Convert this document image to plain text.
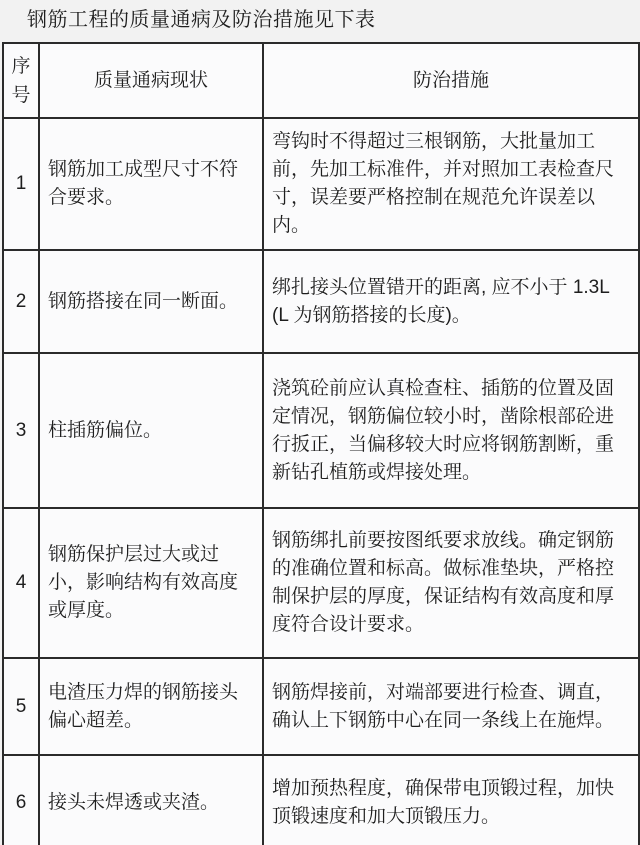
钢筋工程的质量通病及防治措施见下表
序号	质量通病现状	防治措施
1	钢筋加工成型尺寸不符合要求。	弯钩时不得超过三根钢筋，大批量加工前，先加工标准件，并对照加工表检查尺寸，误差要严格控制在规范允许误差以内。
2	钢筋搭接在同一断面。	绑扎接头位置错开的距离, 应不小于 1.3L (L 为钢筋搭接的长度)。
3	柱插筋偏位。	浇筑砼前应认真检查柱、插筋的位置及固定情况，钢筋偏位较小时，凿除根部砼进行扳正，当偏移较大时应将钢筋割断，重新钻孔植筋或焊接处理。
4	钢筋保护层过大或过小，影响结构有效高度或厚度。	钢筋绑扎前要按图纸要求放线。确定钢筋的准确位置和标高。做标准垫块，严格控制保护层的厚度，保证结构有效高度和厚度符合设计要求。
5	电渣压力焊的钢筋接头偏心超差。	钢筋焊接前，对端部要进行检查、调直，确认上下钢筋中心在同一条线上在施焊。
6	接头未焊透或夹渣。	增加预热程度，确保带电顶锻过程，加快顶锻速度和加大顶锻压力。
